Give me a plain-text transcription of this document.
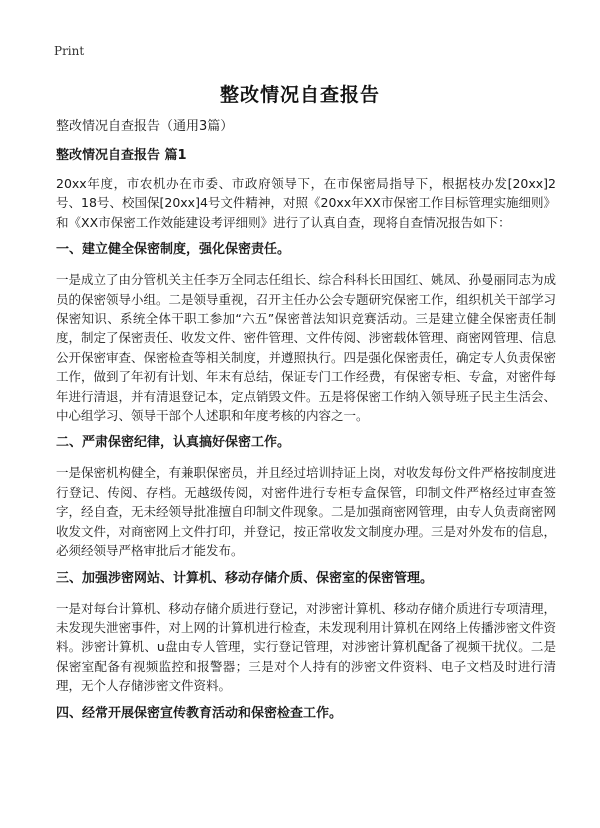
Print
整改情况自查报告
整改情况自查报告（通用3篇）
整改情况自查报告 篇1
20xx年度，市农机办在市委、市政府领导下，在市保密局指导下，根据枝办发[20xx]2号、18号、校国保[20xx]4号文件精神，对照《20xx年XX市保密工作目标管理实施细则》和《XX市保密工作效能建设考评细则》进行了认真自查，现将自查情况报告如下：
一、建立健全保密制度，强化保密责任。
一是成立了由分管机关主任李万全同志任组长、综合科科长田国红、姚凤、孙曼丽同志为成员的保密领导小组。二是领导重视，召开主任办公会专题研究保密工作，组织机关干部学习保密知识、系统全体干职工参加“六五”保密普法知识竞赛活动。三是建立健全保密责任制度，制定了保密责任、收发文件、密件管理、文件传阅、涉密载体管理、商密网管理、信息公开保密审查、保密检查等相关制度，并遵照执行。四是强化保密责任，确定专人负责保密工作，做到了年初有计划、年末有总结，保证专门工作经费，有保密专柜、专盒，对密件每年进行清退，并有清退登记本，定点销毁文件。五是将保密工作纳入领导班子民主生活会、中心组学习、领导干部个人述职和年度考核的内容之一。
二、严肃保密纪律，认真搞好保密工作。
一是保密机构健全，有兼职保密员，并且经过培训持证上岗，对收发每份文件严格按制度进行登记、传阅、存档。无越级传阅，对密件进行专柜专盒保管，印制文件严格经过审查签字，经自查，无未经领导批准擅自印制文件现象。二是加强商密网管理，由专人负责商密网收发文件，对商密网上文件打印，并登记，按正常收发文制度办理。三是对外发布的信息，必须经领导严格审批后才能发布。
三、加强涉密网站、计算机、移动存储介质、保密室的保密管理。
一是对每台计算机、移动存储介质进行登记，对涉密计算机、移动存储介质进行专项清理，未发现失泄密事件，对上网的计算机进行检查，未发现利用计算机在网络上传播涉密文件资料。涉密计算机、u盘由专人管理，实行登记管理，对涉密计算机配备了视频干扰仪。二是保密室配备有视频监控和报警器；三是对个人持有的涉密文件资料、电子文档及时进行清理，无个人存储涉密文件资料。
四、经常开展保密宣传教育活动和保密检查工作。
